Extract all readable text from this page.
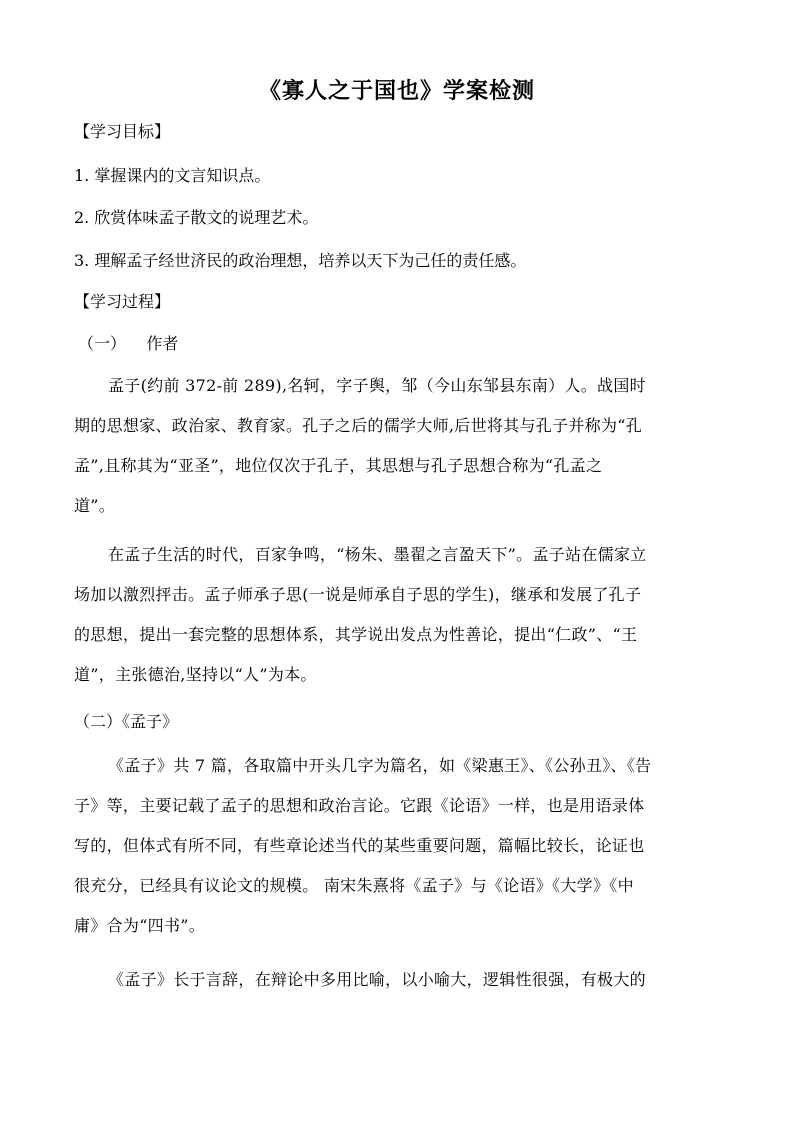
《寡人之于国也》学案检测
【学习目标】
1. 掌握课内的文言知识点。
2. 欣赏体味孟子散文的说理艺术。
3. 理解孟子经世济民的政治理想，培养以天下为己任的责任感。
【学习过程】
（一）    作者
孟子(约前 372-前 289),名轲，字子舆，邹（今山东邹县东南）人。战国时
期的思想家、政治家、教育家。孔子之后的儒学大师,后世将其与孔子并称为“孔
孟”,且称其为“亚圣”，地位仅次于孔子，其思想与孔子思想合称为“孔孟之
道”。
在孟子生活的时代，百家争鸣，“杨朱、墨翟之言盈天下”。孟子站在儒家立
场加以激烈抨击。孟子师承子思(一说是师承自子思的学生)，继承和发展了孔子
的思想，提出一套完整的思想体系，其学说出发点为性善论，提出“仁政”、“王
道”，主张德治,坚持以“人”为本。
（二）《孟子》
《孟子》共 7 篇，各取篇中开头几字为篇名，如《梁惠王》、《公孙丑》、《告
子》等，主要记载了孟子的思想和政治言论。它跟《论语》一样，也是用语录体
写的，但体式有所不同，有些章论述当代的某些重要问题，篇幅比较长，论证也
很充分，已经具有议论文的规模。 南宋朱熹将《孟子》与《论语》《大学》《中
庸》合为“四书”。
《孟子》长于言辞，在辩论中多用比喻，以小喻大，逻辑性很强，有极大的
